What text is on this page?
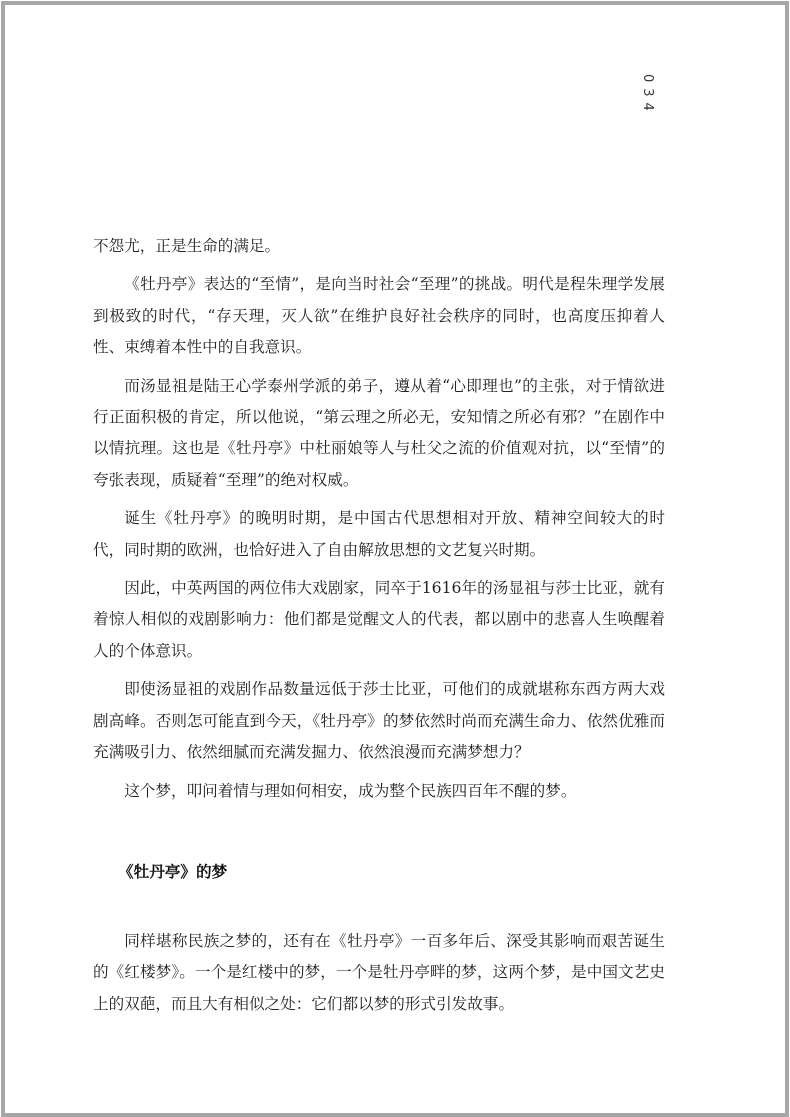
034

不怨尤，正是生命的满足。

《牡丹亭》表达的“至情”，是向当时社会“至理”的挑战。明代是程朱理学发展到极致的时代，“存天理，灭人欲”在维护良好社会秩序的同时，也高度压抑着人性、束缚着本性中的自我意识。

而汤显祖是陆王心学泰州学派的弟子，遵从着“心即理也”的主张，对于情欲进行正面积极的肯定，所以他说，“第云理之所必无，安知情之所必有邪？”在剧作中以情抗理。这也是《牡丹亭》中杜丽娘等人与杜父之流的价值观对抗，以“至情”的夸张表现，质疑着“至理”的绝对权威。

诞生《牡丹亭》的晚明时期，是中国古代思想相对开放、精神空间较大的时代，同时期的欧洲，也恰好进入了自由解放思想的文艺复兴时期。

因此，中英两国的两位伟大戏剧家，同卒于1616年的汤显祖与莎士比亚，就有着惊人相似的戏剧影响力：他们都是觉醒文人的代表，都以剧中的悲喜人生唤醒着人的个体意识。

即使汤显祖的戏剧作品数量远低于莎士比亚，可他们的成就堪称东西方两大戏剧高峰。否则怎可能直到今天，《牡丹亭》的梦依然时尚而充满生命力、依然优雅而充满吸引力、依然细腻而充满发掘力、依然浪漫而充满梦想力？

这个梦，叩问着情与理如何相安，成为整个民族四百年不醒的梦。

《牡丹亭》的梦

同样堪称民族之梦的，还有在《牡丹亭》一百多年后、深受其影响而艰苦诞生的《红楼梦》。一个是红楼中的梦，一个是牡丹亭畔的梦，这两个梦，是中国文艺史上的双葩，而且大有相似之处：它们都以梦的形式引发故事。
